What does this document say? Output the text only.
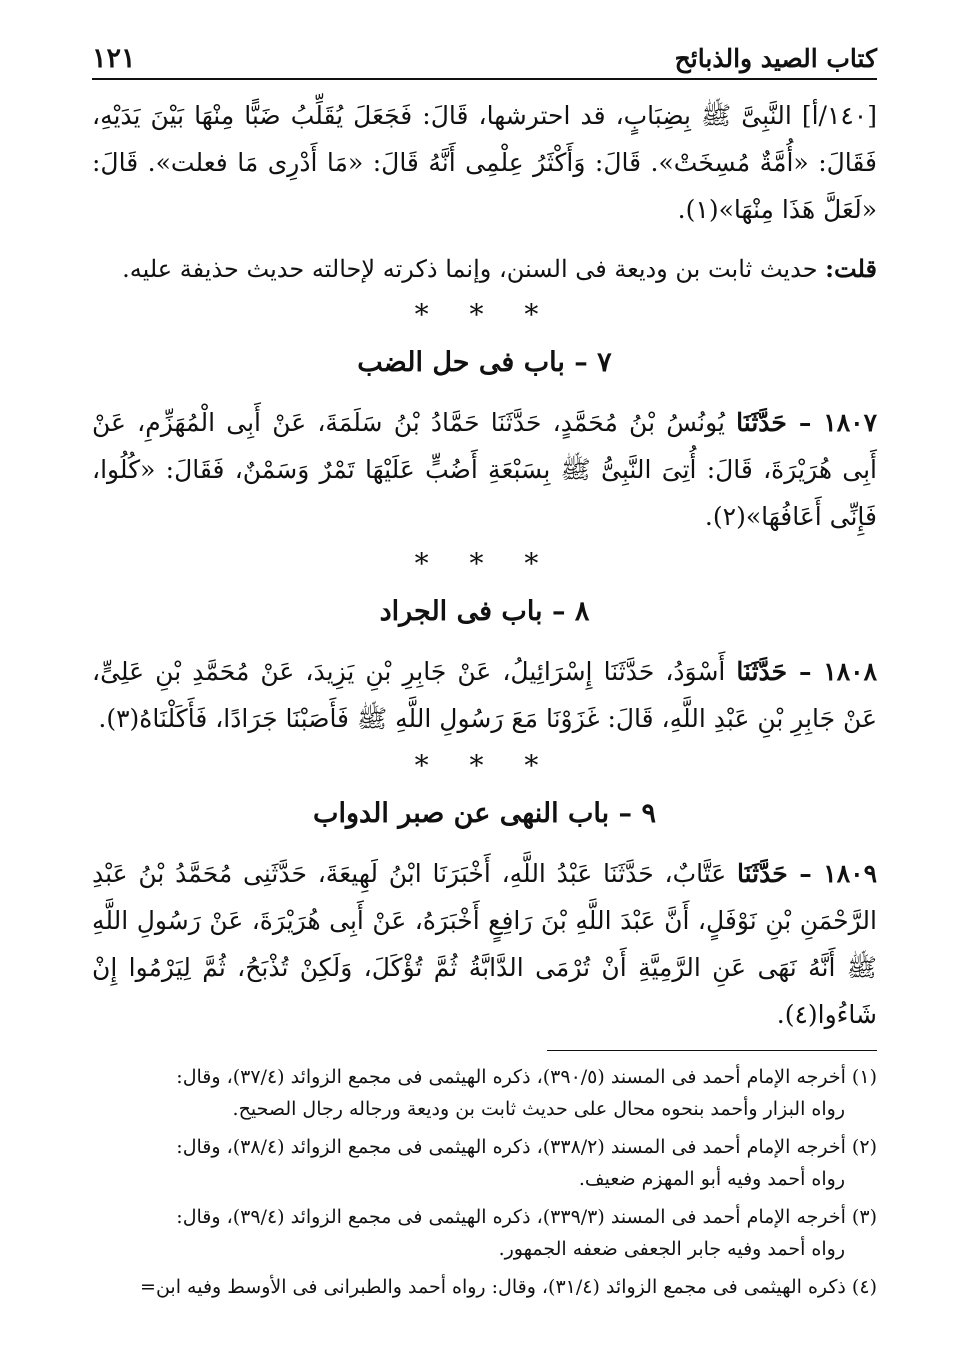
١٢١	كتاب الصيد والذبائح

[١٤٠/أ] النَّبِىَّ ﷺ بِضِبَابٍ، قد احترشها، قَالَ: فَجَعَلَ يُقَلِّبُ ضَبًّا مِنْهَا بَيْنَ يَدَيْهِ، فَقَالَ: «أُمَّةٌ مُسِخَتْ». قَالَ: وَأَكْثَرُ عِلْمِى أَنَّهُ قَالَ: «مَا أَدْرِى مَا فعلت». قَالَ: «لَعَلَّ هَذَا مِنْهَا»(١).

قلت: حديث ثابت بن وديعة فى السنن، وإنما ذكرته لإحالته حديث حذيفة عليه.

* * *
٧ – باب فى حل الضب

١٨٠٧ – حَدَّثَنَا يُونُسُ بْنُ مُحَمَّدٍ، حَدَّثَنَا حَمَّادُ بْنُ سَلَمَةَ، عَنْ أَبِى الْمُهَزِّمِ، عَنْ أَبِى هُرَيْرَةَ، قَالَ: أُتِىَ النَّبِىُّ ﷺ بِسَبْعَةِ أَضُبٍّ عَلَيْهَا تَمْرٌ وَسَمْنٌ، فَقَالَ: «كُلُوا، فَإِنِّى أَعَافُهَا»(٢).

* * *
٨ – باب فى الجراد

١٨٠٨ – حَدَّثَنَا أَسْوَدُ، حَدَّثَنَا إِسْرَائِيلُ، عَنْ جَابِرِ بْنِ يَزِيدَ، عَنْ مُحَمَّدِ بْنِ عَلِىٍّ، عَنْ جَابِرِ بْنِ عَبْدِ اللَّهِ، قَالَ: غَزَوْنَا مَعَ رَسُولِ اللَّهِ ﷺ فَأَصَبْنَا جَرَادًا، فَأَكَلْنَاهُ(٣).

* * *
٩ – باب النهى عن صبر الدواب

١٨٠٩ – حَدَّثَنَا عَتَّابٌ، حَدَّثَنَا عَبْدُ اللَّهِ، أَخْبَرَنَا ابْنُ لَهِيعَةَ، حَدَّثَنِى مُحَمَّدُ بْنُ عَبْدِ الرَّحْمَنِ بْنِ نَوْفَلٍ، أَنَّ عَبْدَ اللَّهِ بْنَ رَافِعٍ أَخْبَرَهُ، عَنْ أَبِى هُرَيْرَةَ، عَنْ رَسُولِ اللَّهِ ﷺ أَنَّهُ نَهَى عَنِ الرَّمِيَّةِ أَنْ تُرْمَى الدَّابَّةُ ثُمَّ تُؤْكَلَ، وَلَكِنْ تُذْبَحُ، ثُمَّ لِيَرْمُوا إِنْ شَاءُوا(٤).

(١) أخرجه الإمام أحمد فى المسند (٣٩٠/٥)، ذكره الهيثمى فى مجمع الزوائد (٣٧/٤)، وقال:
رواه البزار وأحمد بنحوه محال على حديث ثابت بن وديعة ورجاله رجال الصحيح.

(٢) أخرجه الإمام أحمد فى المسند (٣٣٨/٢)، ذكره الهيثمى فى مجمع الزوائد (٣٨/٤)، وقال:
رواه أحمد وفيه أبو المهزم ضعيف.

(٣) أخرجه الإمام أحمد فى المسند (٣٣٩/٣)، ذكره الهيثمى فى مجمع الزوائد (٣٩/٤)، وقال:
رواه أحمد وفيه جابر الجعفى ضعفه الجمهور.

(٤) ذكره الهيثمى فى مجمع الزوائد (٣١/٤)، وقال: رواه أحمد والطبرانى فى الأوسط وفيه ابن=
